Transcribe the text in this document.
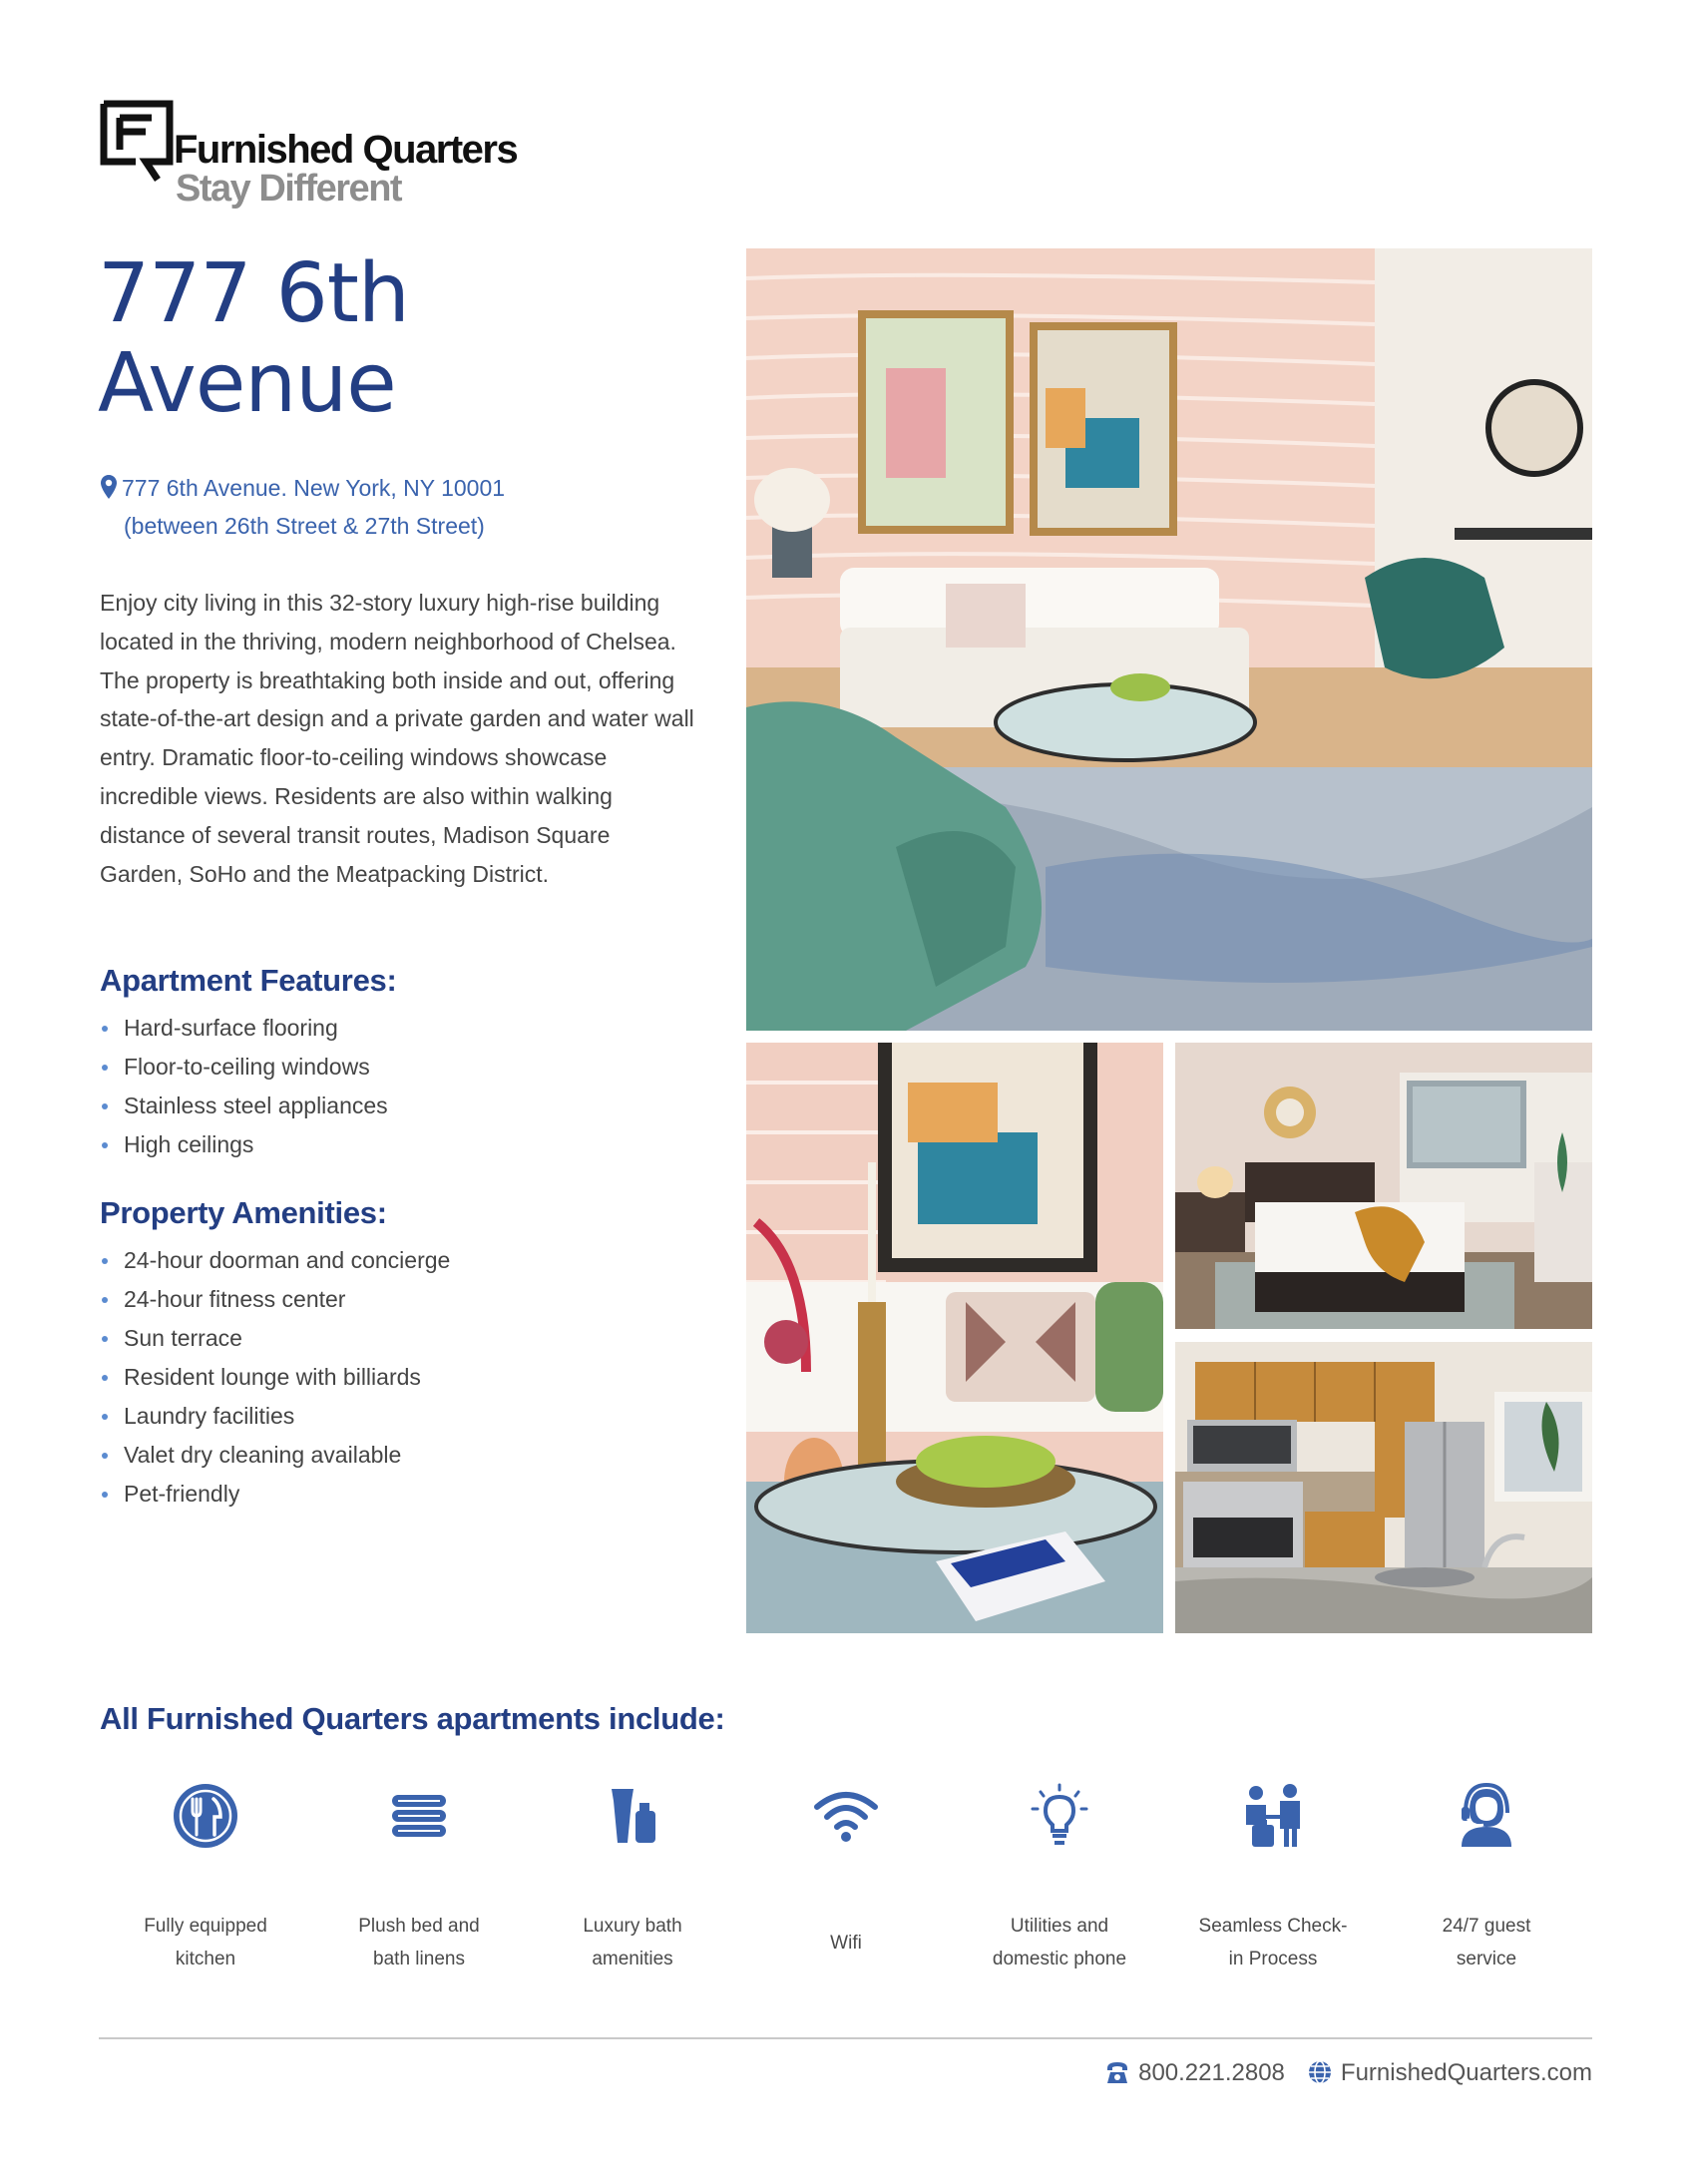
Furnished Quarters
Stay Different
777 6th
Avenue
777 6th Avenue. New York, NY 10001
(between 26th Street & 27th Street)

Enjoy city living in this 32-story luxury high-rise building located in the thriving, modern neighborhood of Chelsea. The property is breathtaking both inside and out, offering state-of-the-art design and a private garden and water wall entry. Dramatic floor-to-ceiling windows showcase incredible views. Residents are also within walking distance of several transit routes, Madison Square Garden, SoHo and the Meatpacking District.

Apartment Features:
Hard-surface flooring
Floor-to-ceiling windows
Stainless steel appliances
High ceilings
Property Amenities:
24-hour doorman and concierge
24-hour fitness center
Sun terrace
Resident lounge with billiards
Laundry facilities
Valet dry cleaning available
Pet-friendly
All Furnished Quarters apartments include:
Fully equipped kitchen
Plush bed and bath linens
Luxury bath amenities
Wifi
Utilities and domestic phone
Seamless Check-in Process
24/7 guest service
800.221.2808 FurnishedQuarters.com
